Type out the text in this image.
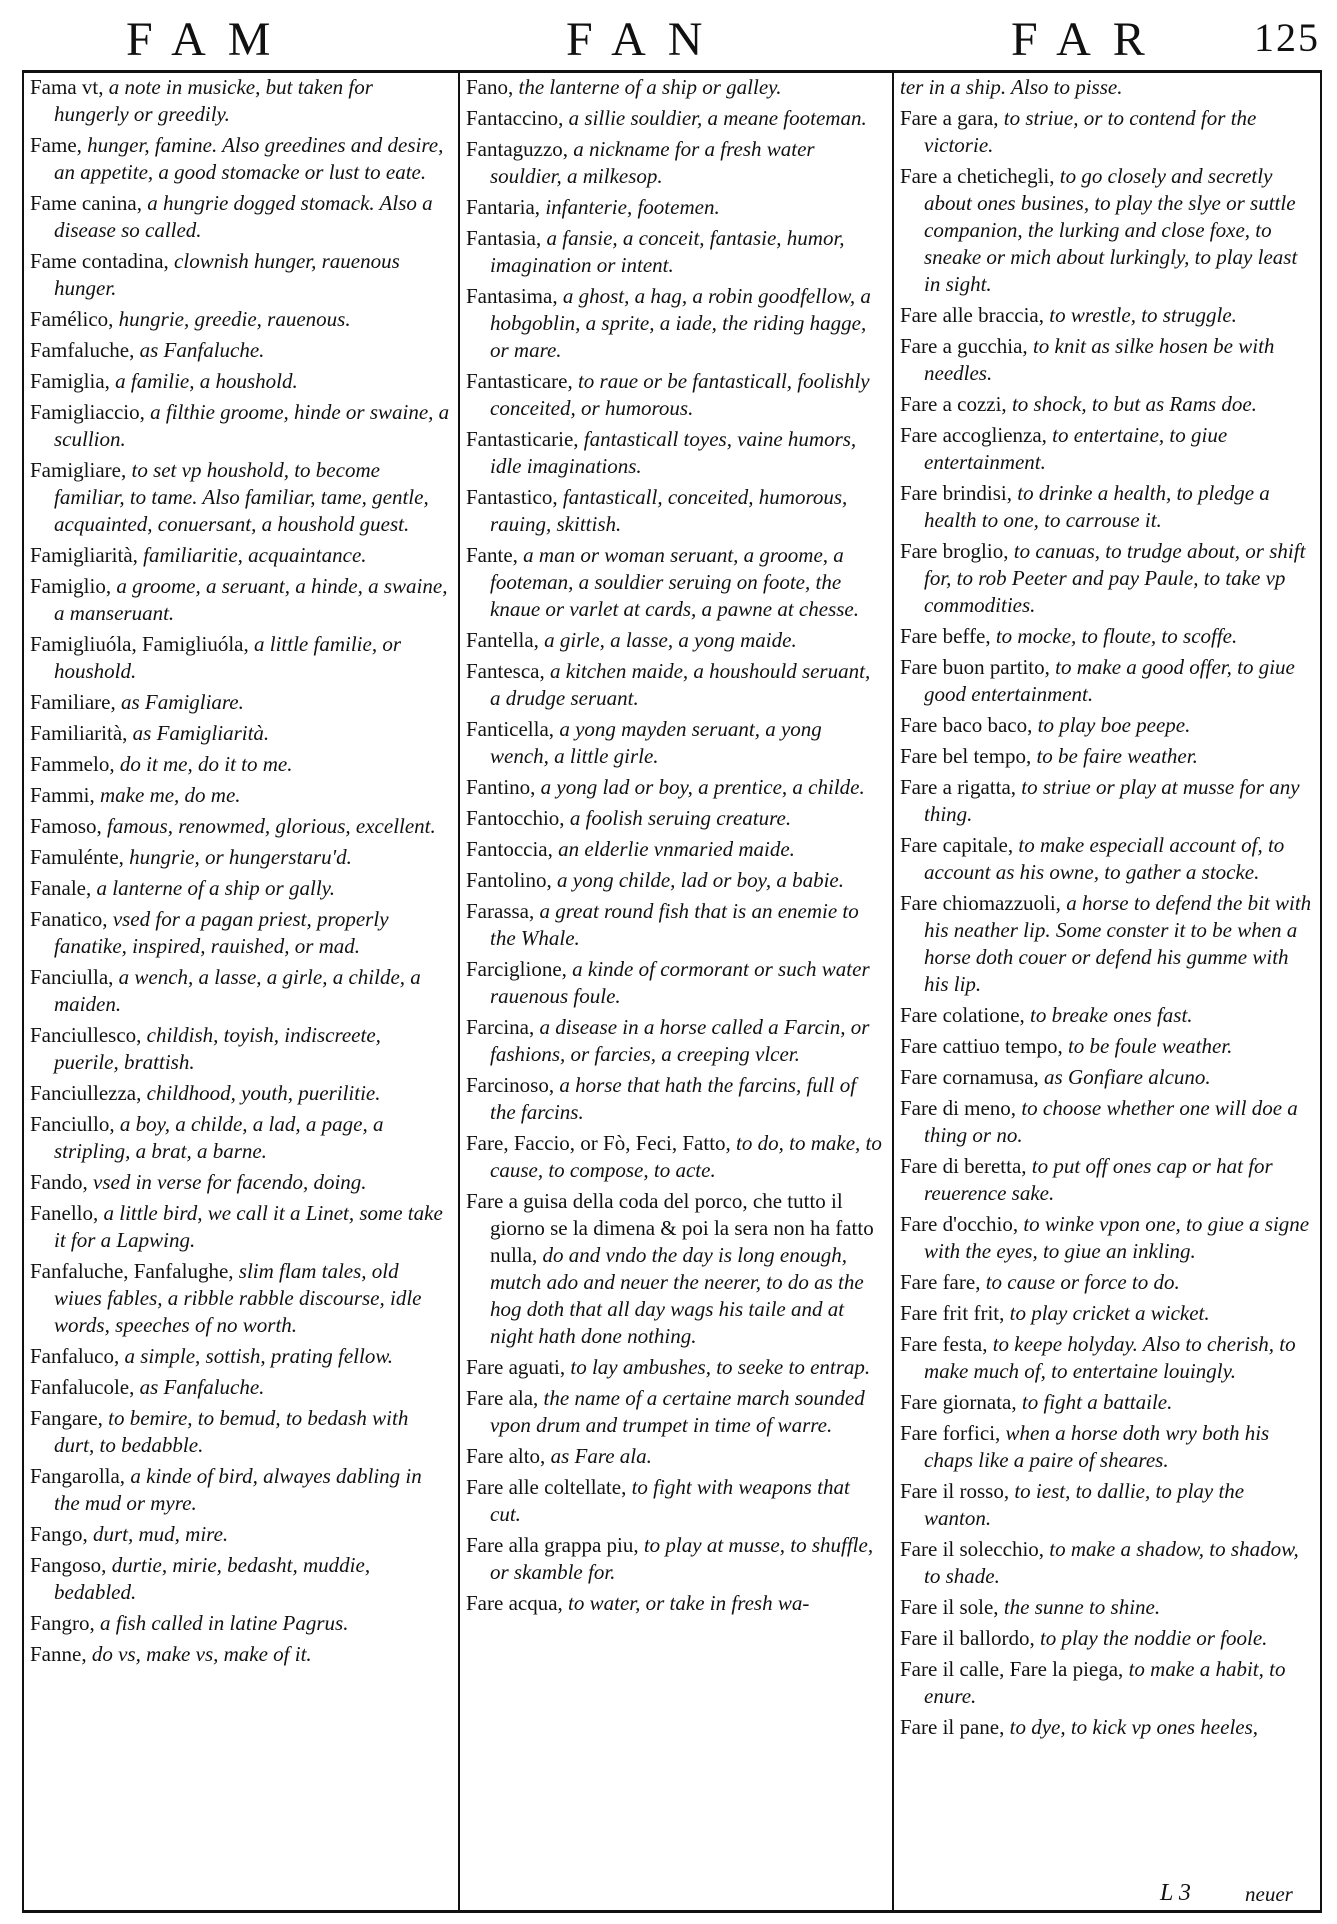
FAM	FAN	FAR 125

Fama vt, a note in musicke, but taken for hungerly or greedily.

Fame, hunger, famine. Also greedines and desire, an appetite, a good stomacke or lust to eate.

Fame canina, a hungrie dogged stomack. Also a disease so called.

Fame contadina, clownish hunger, rauenous hunger.

Famélico, hungrie, greedie, rauenous.

Famfaluche, as Fanfaluche.

Famiglia, a familie, a houshold.

Famigliaccio, a filthie groome, hinde or swaine, a scullion.

Famigliare, to set vp houshold, to become familiar, to tame. Also familiar, tame, gentle, acquainted, conuersant, a houshold guest.

Famigliarità, familiaritie, acquaintance.

Famiglio, a groome, a seruant, a hinde, a swaine, a manseruant.

Famigliuóla, Famigliuóla, a little familie, or houshold.

Familiare, as Famigliare.

Familiarità, as Famigliarità.

Fammelo, do it me, do it to me.

Fammi, make me, do me.

Famoso, famous, renowmed, glorious, excellent.

Famulénte, hungrie, or hungerstaru'd.

Fanale, a lanterne of a ship or gally.

Fanatico, vsed for a pagan priest, properly fanatike, inspired, rauished, or mad.

Fanciulla, a wench, a lasse, a girle, a childe, a maiden.

Fanciullesco, childish, toyish, indiscreete, puerile, brattish.

Fanciullezza, childhood, youth, puerilitie.

Fanciullo, a boy, a childe, a lad, a page, a stripling, a brat, a barne.

Fando, vsed in verse for facendo, doing.

Fanello, a little bird, we call it a Linet, some take it for a Lapwing.

Fanfaluche, Fanfalughe, slim flam tales, old wiues fables, a ribble rabble discourse, idle words, speeches of no worth.

Fanfaluco, a simple, sottish, prating fellow.

Fanfalucole, as Fanfaluche.

Fangare, to bemire, to bemud, to bedash with durt, to bedabble.

Fangarolla, a kinde of bird, alwayes dabling in the mud or myre.

Fango, durt, mud, mire.

Fangoso, durtie, mirie, bedasht, muddie, bedabled.

Fangro, a fish called in latine Pagrus.

Fanne, do vs, make vs, make of it.

Fano, the lanterne of a ship or galley.

Fantaccino, a sillie souldier, a meane footeman.

Fantaguzzo, a nickname for a fresh water souldier, a milkesop.

Fantaria, infanterie, footemen.

Fantasia, a fansie, a conceit, fantasie, humor, imagination or intent.

Fantasima, a ghost, a hag, a robin goodfellow, a hobgoblin, a sprite, a iade, the riding hagge, or mare.

Fantasticare, to raue or be fantasticall, foolishly conceited, or humorous.

Fantasticarie, fantasticall toyes, vaine humors, idle imaginations.

Fantastico, fantasticall, conceited, humorous, rauing, skittish.

Fante, a man or woman seruant, a groome, a footeman, a souldier seruing on foote, the knaue or varlet at cards, a pawne at chesse.

Fantella, a girle, a lasse, a yong maide.

Fantesca, a kitchen maide, a houshould seruant, a drudge seruant.

Fanticella, a yong mayden seruant, a yong wench, a little girle.

Fantino, a yong lad or boy, a prentice, a childe.

Fantocchio, a foolish seruing creature.

Fantoccia, an elderlie vnmaried maide.

Fantolino, a yong childe, lad or boy, a babie.

Farassa, a great round fish that is an enemie to the Whale.

Farciglione, a kinde of cormorant or such water rauenous foule.

Farcina, a disease in a horse called a Farcin, or fashions, or farcies, a creeping vlcer.

Farcinoso, a horse that hath the farcins, full of the farcins.

Fare, Faccio, or Fò, Feci, Fatto, to do, to make, to cause, to compose, to acte.

Fare a guisa della coda del porco, che tutto il giorno se la dimena & poi la sera non ha fatto nulla, do and vndo the day is long enough, mutch ado and neuer the neerer, to do as the hog doth that all day wags his taile and at night hath done nothing.

Fare aguati, to lay ambushes, to seeke to entrap.

Fare ala, the name of a certaine march sounded vpon drum and trumpet in time of warre.

Fare alto, as Fare ala.

Fare alle coltellate, to fight with weapons that cut.

Fare alla grappa piu, to play at musse, to shuffle, or skamble for.

Fare acqua, to water, or take in fresh wa-

ter in a ship. Also to pisse.

Fare a gara, to striue, or to contend for the victorie.

Fare a chetichegli, to go closely and secretly about ones busines, to play the slye or suttle companion, the lurking and close foxe, to sneake or mich about lurkingly, to play least in sight.

Fare alle braccia, to wrestle, to struggle.

Fare a gucchia, to knit as silke hosen be with needles.

Fare a cozzi, to shock, to but as Rams doe.

Fare accoglienza, to entertaine, to giue entertainment.

Fare brindisi, to drinke a health, to pledge a health to one, to carrouse it.

Fare broglio, to canuas, to trudge about, or shift for, to rob Peeter and pay Paule, to take vp commodities.

Fare beffe, to mocke, to floute, to scoffe.

Fare buon partito, to make a good offer, to giue good entertainment.

Fare baco baco, to play boe peepe.

Fare bel tempo, to be faire weather.

Fare a rigatta, to striue or play at musse for any thing.

Fare capitale, to make especiall account of, to account as his owne, to gather a stocke.

Fare chiomazzuoli, a horse to defend the bit with his neather lip. Some conster it to be when a horse doth couer or defend his gumme with his lip.

Fare colatione, to breake ones fast.

Fare cattiuo tempo, to be foule weather.

Fare cornamusa, as Gonfiare alcuno.

Fare di meno, to choose whether one will doe a thing or no.

Fare di beretta, to put off ones cap or hat for reuerence sake.

Fare d'occhio, to winke vpon one, to giue a signe with the eyes, to giue an inkling.

Fare fare, to cause or force to do.

Fare frit frit, to play cricket a wicket.

Fare festa, to keepe holyday. Also to cherish, to make much of, to entertaine louingly.

Fare giornata, to fight a battaile.

Fare forfici, when a horse doth wry both his chaps like a paire of sheares.

Fare il rosso, to iest, to dallie, to play the wanton.

Fare il solecchio, to make a shadow, to shadow, to shade.

Fare il sole, the sunne to shine.

Fare il ballordo, to play the noddie or foole.

Fare il calle, Fare la piega, to make a habit, to enure.

Fare il pane, to dye, to kick vp ones heeles,

L 3	neuer
